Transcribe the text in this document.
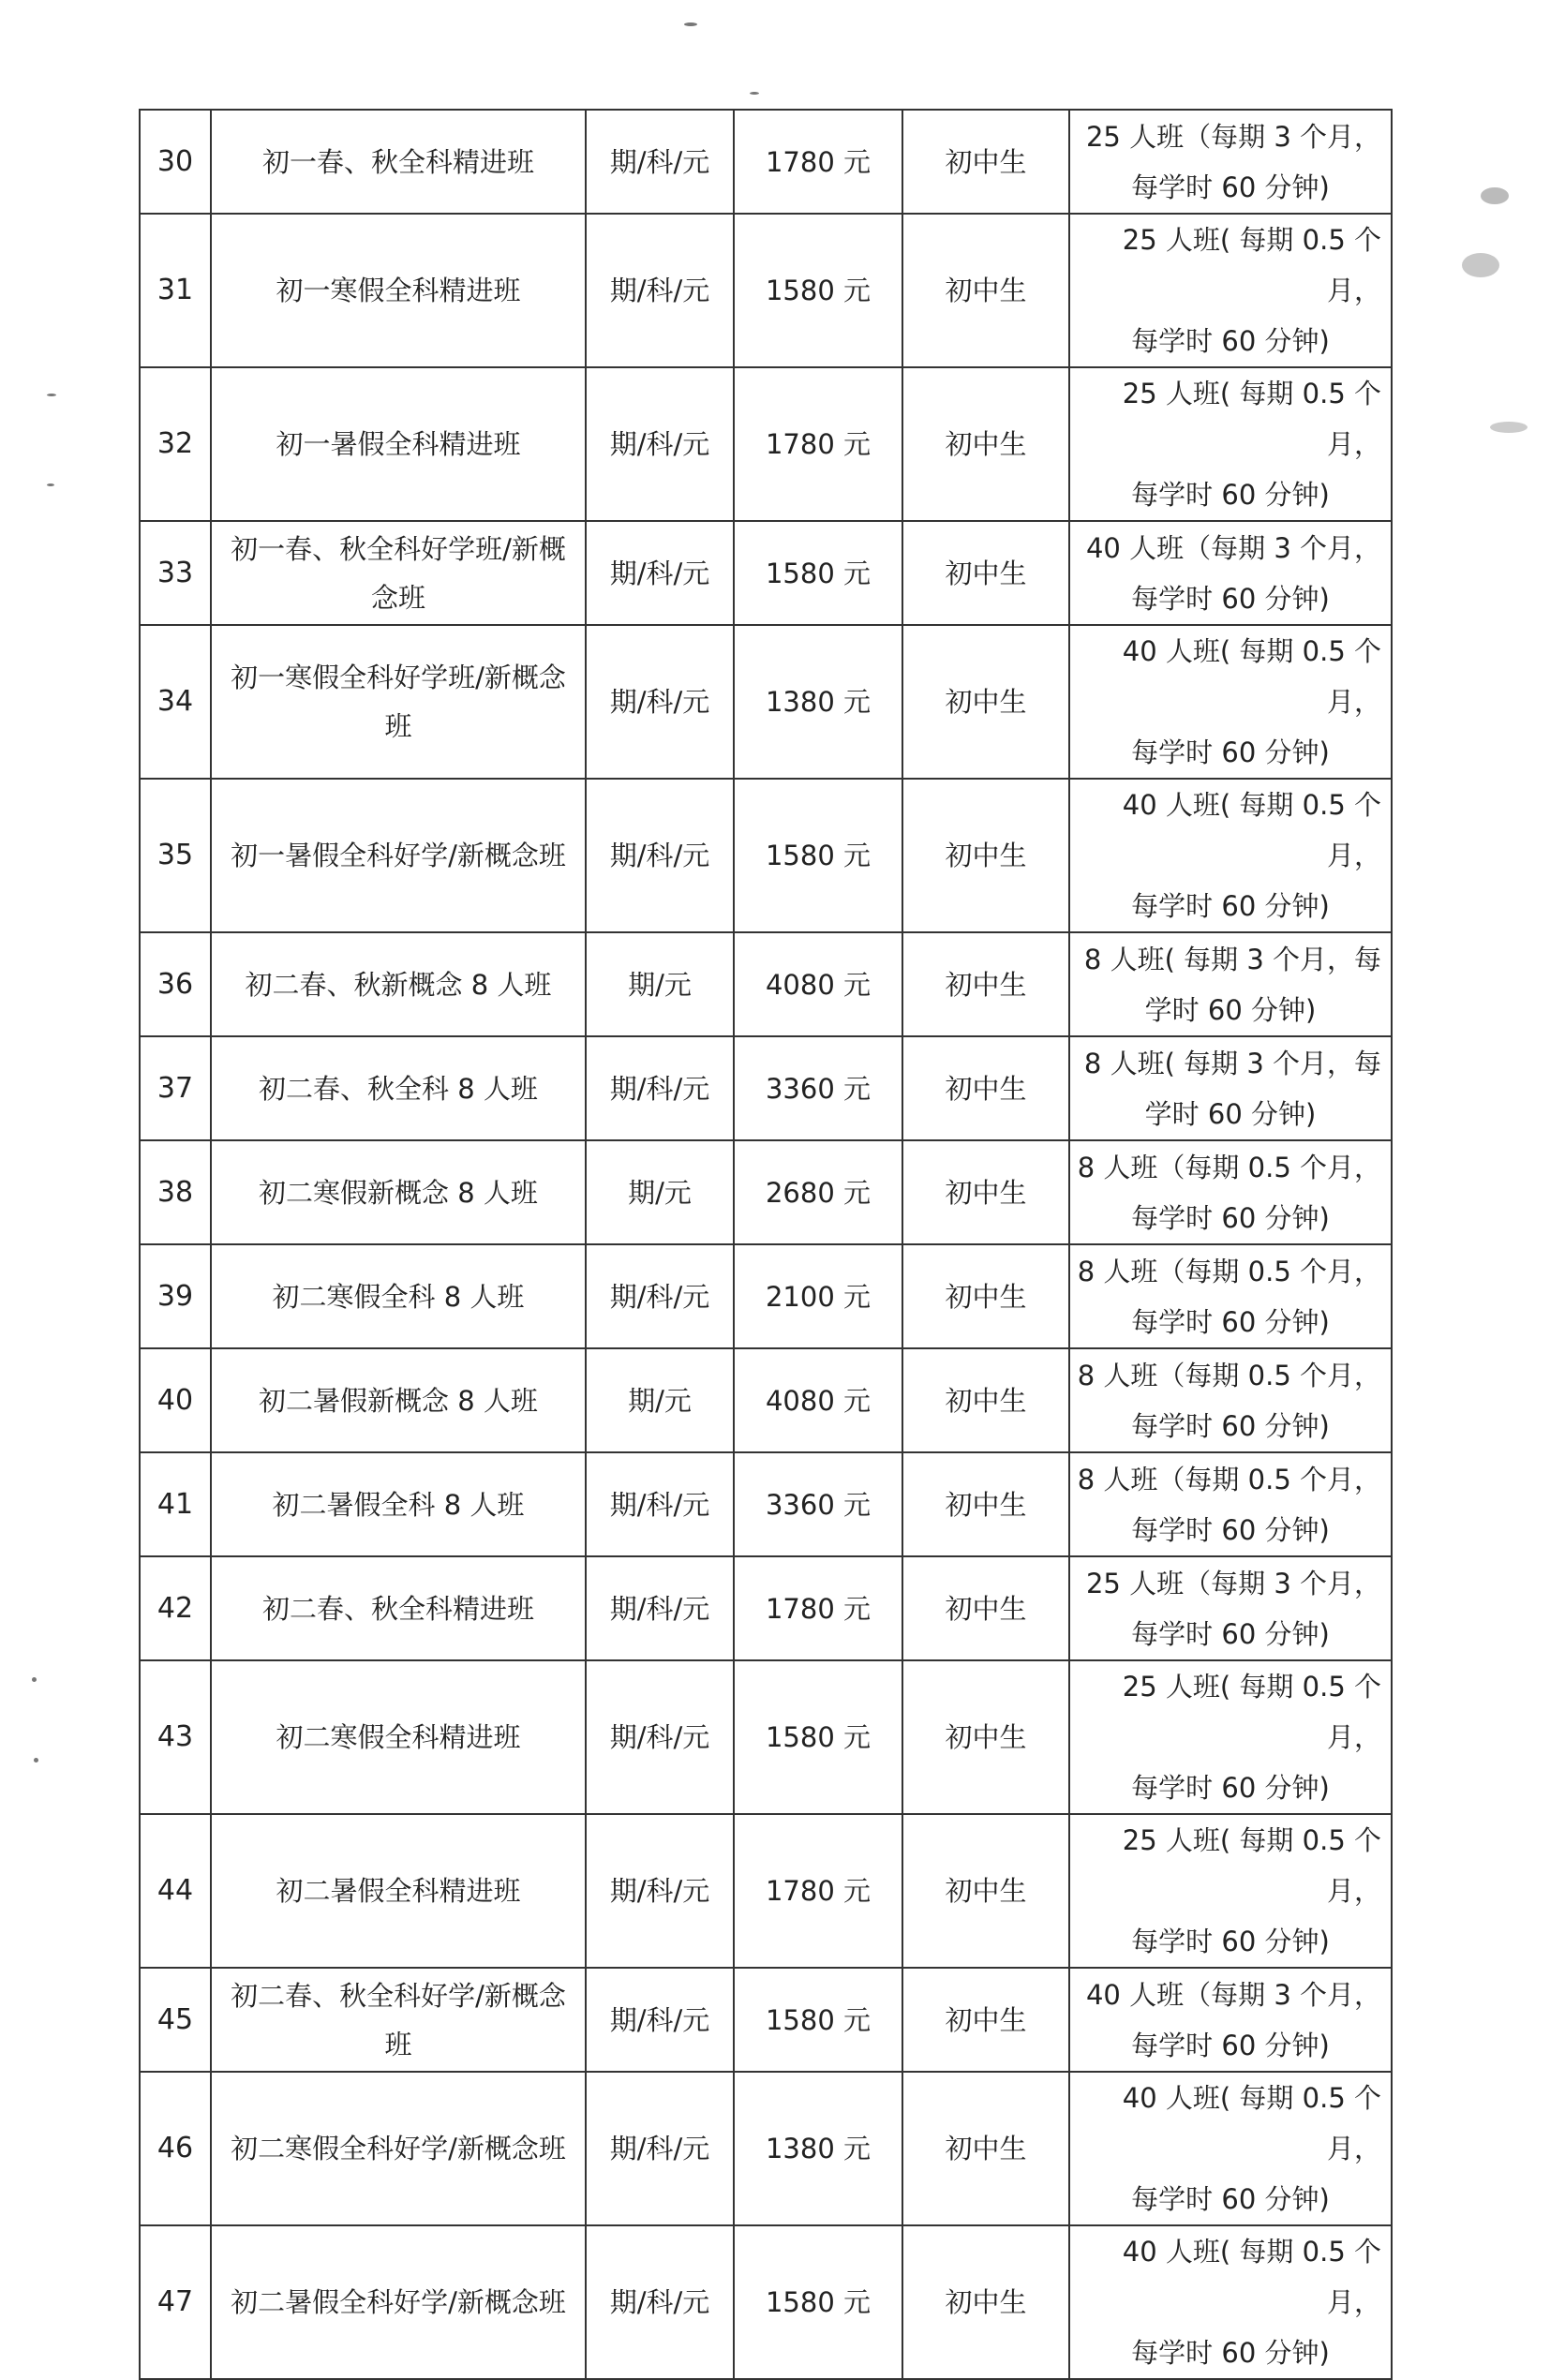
30	初一春、秋全科精进班	期/科/元	1780 元	初中生	25 人班（每期 3 个月，
每学时 60 分钟)

31	初一寒假全科精进班	期/科/元	1580 元	初中生	25 人班( 每期 0.5 个月，
每学时 60 分钟)

32	初一暑假全科精进班	期/科/元	1780 元	初中生	25 人班( 每期 0.5 个月，
每学时 60 分钟)

33	初一春、秋全科好学班/新概念班	期/科/元	1580 元	初中生	40 人班（每期 3 个月，
每学时 60 分钟)

34	初一寒假全科好学班/新概念班	期/科/元	1380 元	初中生	40 人班( 每期 0.5 个月，
每学时 60 分钟)

35	初一暑假全科好学/新概念班	期/科/元	1580 元	初中生	40 人班( 每期 0.5 个月，
每学时 60 分钟)

36	初二春、秋新概念 8 人班	期/元	4080 元	初中生	8 人班( 每期 3 个月，每
学时 60 分钟)

37	初二春、秋全科 8 人班	期/科/元	3360 元	初中生	8 人班( 每期 3 个月，每
学时 60 分钟)

38	初二寒假新概念 8 人班	期/元	2680 元	初中生	8 人班（每期 0.5 个月，
每学时 60 分钟)

39	初二寒假全科 8 人班	期/科/元	2100 元	初中生	8 人班（每期 0.5 个月，
每学时 60 分钟)

40	初二暑假新概念 8 人班	期/元	4080 元	初中生	8 人班（每期 0.5 个月，
每学时 60 分钟)

41	初二暑假全科 8 人班	期/科/元	3360 元	初中生	8 人班（每期 0.5 个月，
每学时 60 分钟)

42	初二春、秋全科精进班	期/科/元	1780 元	初中生	25 人班（每期 3 个月，
每学时 60 分钟)

43	初二寒假全科精进班	期/科/元	1580 元	初中生	25 人班( 每期 0.5 个月，
每学时 60 分钟)

44	初二暑假全科精进班	期/科/元	1780 元	初中生	25 人班( 每期 0.5 个月，
每学时 60 分钟)

45	初二春、秋全科好学/新概念班	期/科/元	1580 元	初中生	40 人班（每期 3 个月，
每学时 60 分钟)

46	初二寒假全科好学/新概念班	期/科/元	1380 元	初中生	40 人班( 每期 0.5 个月，
每学时 60 分钟)

47	初二暑假全科好学/新概念班	期/科/元	1580 元	初中生	40 人班( 每期 0.5 个月，
每学时 60 分钟)
